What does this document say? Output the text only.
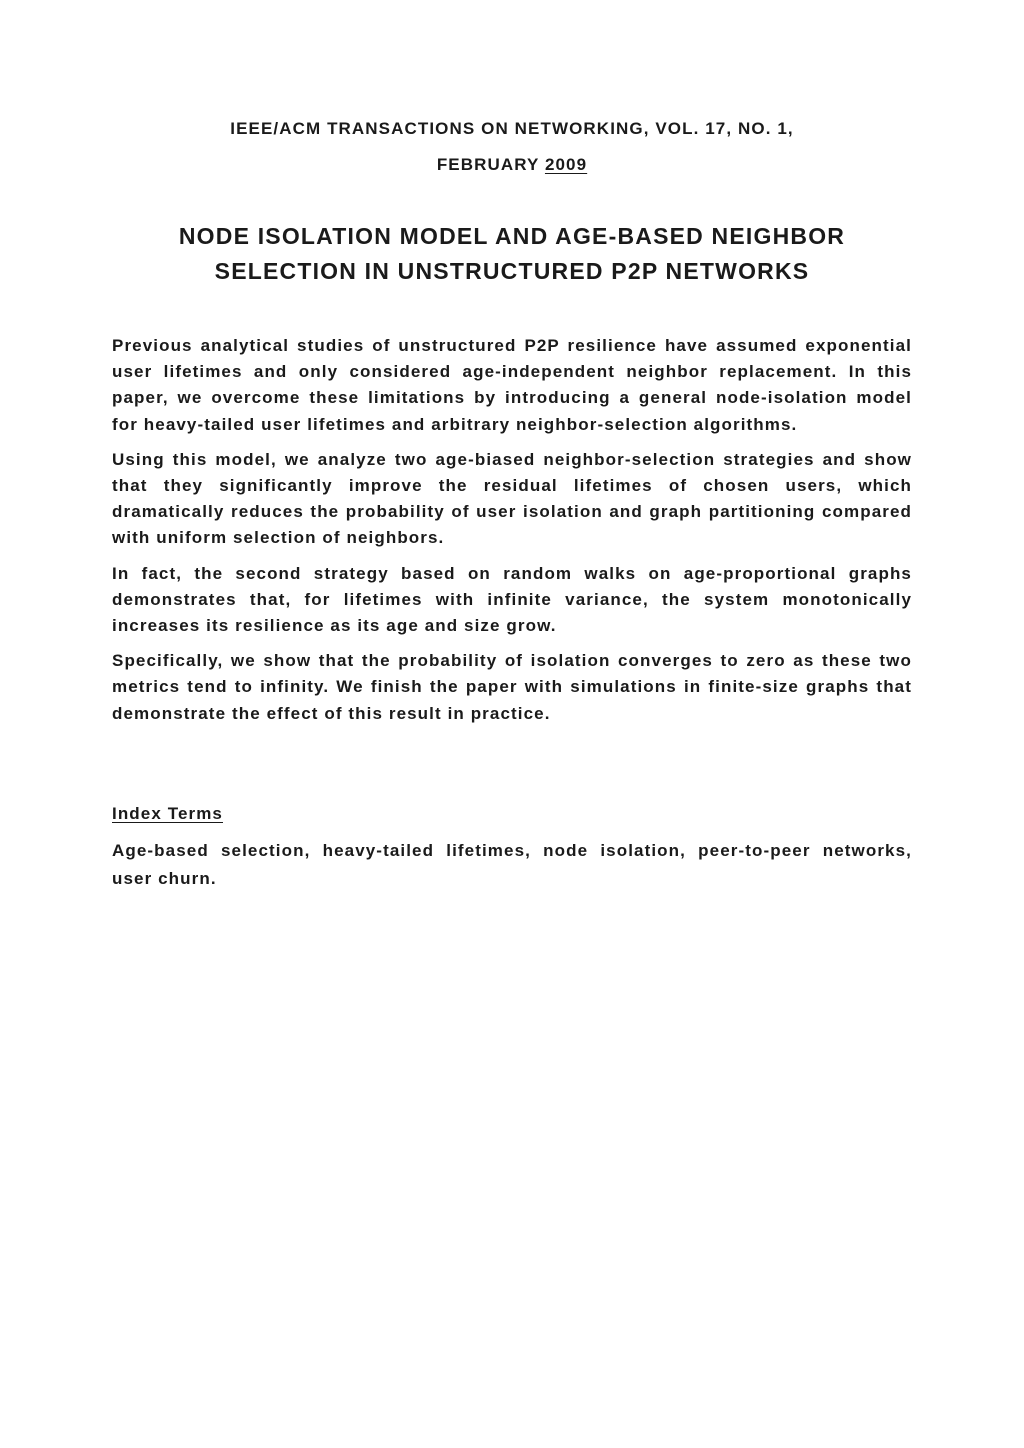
IEEE/ACM TRANSACTIONS ON NETWORKING, VOL. 17, NO. 1,
FEBRUARY 2009
NODE ISOLATION MODEL AND AGE-BASED NEIGHBOR
SELECTION IN UNSTRUCTURED P2P NETWORKS

Previous analytical studies of unstructured P2P resilience have assumed exponential user lifetimes and only considered age-independent neighbor replacement. In this paper, we overcome these limitations by introducing a general node-isolation model for heavy-tailed user lifetimes and arbitrary neighbor-selection algorithms.

Using this model, we analyze two age-biased neighbor-selection strategies and show that they significantly improve the residual lifetimes of chosen users, which dramatically reduces the probability of user isolation and graph partitioning compared with uniform selection of neighbors.

In fact, the second strategy based on random walks on age-proportional graphs demonstrates that, for lifetimes with infinite variance, the system monotonically increases its resilience as its age and size grow.

Specifically, we show that the probability of isolation converges to zero as these two metrics tend to infinity. We finish the paper with simulations in finite-size graphs that demonstrate the effect of this result in practice.

Index Terms

Age-based selection, heavy-tailed lifetimes, node isolation, peer-to-peer networks, user churn.
